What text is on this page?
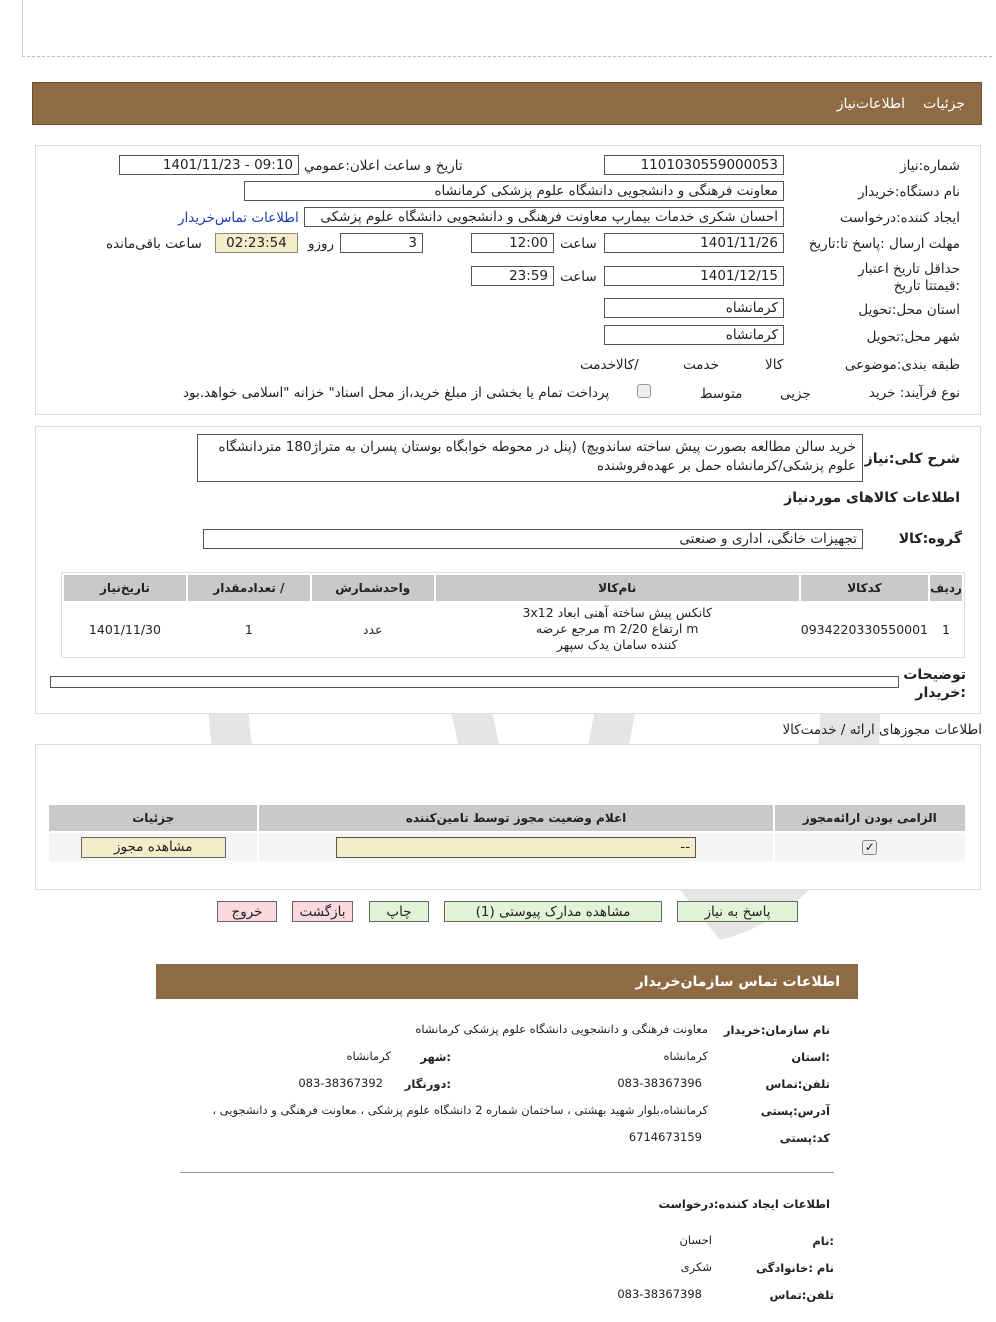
جزئیات
اطلاعات‌نیاز
شماره:نیاز
1101030559000053
تاریخ و ساعت اعلان:عمومي
1401/11/23 - 09:10
نام دستگاه:خریدار
معاونت فرهنگی و دانشجویی دانشگاه علوم پزشکی کرمانشاه
ایجاد کننده:درخواست
احسان شکری خدمات بیمارپ معاونت فرهنگی و دانشجویی دانشگاه علوم پزشکی
اطلاعات تماس‌خریدار
مهلت ارسال :پاسخ تا:تاریخ
1401/11/26
ساعت
12:00
3
روزو
02:23:54
ساعت باقی‌مانده
حداقل تاریخ اعتبار :قیمتتا تاریخ
1401/12/15
ساعت
23:59
استان محل:تحویل
کرمانشاه
شهر محل:تحویل
کرمانشاه
طبقه بندی:موضوعی

کالا

خدمت

/کالاخدمت
نوع فرآیند: خرید

جزیی
متوسط
پرداخت تمام یا بخشی از مبلغ خرید،از محل اسناد" خزانه "اسلامی خواهد.بود
شرح کلی:نیاز
خرید سالن مطالعه بصورت پیش ساخته ساندویچ) (پنل در محوطه خوابگاه بوستان پسران به متراژ180 متردانشگاه علوم پزشکی/کرمانشاه حمل بر عهده‌فروشنده
اطلاعات کالاهای موردنیاز
گروه:کالا
تجهیزات خانگی، اداری و صنعتی
ردیف	کدکالا	نام‌کالا	واحدشمارش	/ تعدادمقدار	تاریخ‌نیاز
1	0934220330550001	کانکس پیش ساخته آهنی ابعاد 3x12
m ارتفاع 2/20 m مرجع عرضه
کننده سامان یدک سپهر	عدد	1	1401/11/30
توضیحات :خریدار
اطلاعات مجوزهای ارائه / خدمت‌کالا
الزامی بودن ارائه‌مجوز	اعلام وضعیت مجوز توسط تامین‌کننده	جزئیات
✓	--	مشاهده مجوز
پاسخ به نیاز
مشاهده مدارک پیوستی (1)
چاپ
بازگشت
خروج
اطلاعات تماس سازمان‌خریدار
نام سازمان:خریدار
معاونت فرهنگی و دانشجویی دانشگاه علوم پزشکی کرمانشاه
:استان
کرمانشاه
:شهر
کرمانشاه
تلفن:تماس
083-38367396
:دورنگار
083-38367392
آدرس:پستی
کرمانشاه،بلوار شهید بهشتی ، ساختمان شماره 2 دانشگاه علوم پزشکی ، معاونت فرهنگی و دانشجویی ،
کد:پستی
6714673159
اطلاعات ایجاد کننده:درخواست
:نام
احسان
نام :خانوادگی
شکری
تلفن:تماس
083-38367398
